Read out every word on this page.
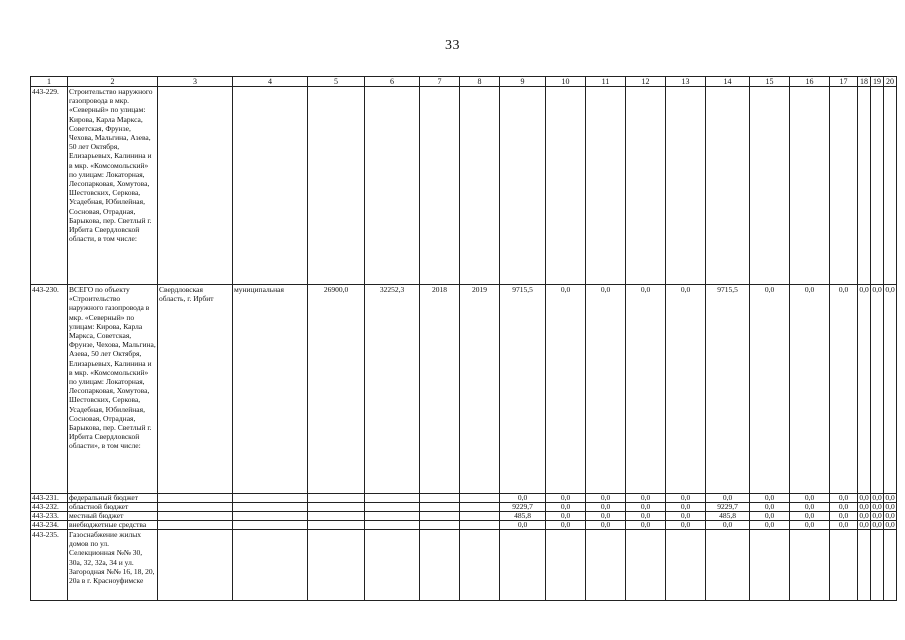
33
1	2	3	4	5	6	7	8	9	10	11	12	13	14	15	16	17	18	19	20
443-229.	Строительство наружного газопровода в мкр. «Северный» по улицам: Кирова, Карла Маркса, Советская, Фрунзе, Чехова, Мальгина, Азева, 50 лет Октября, Елизарьевых, Калинина и в мкр. «Комсомольский» по улицам: Локаторная, Лесопарковая, Хомутова, Шестовских, Серкова, Усадебная, Юбилейная, Сосновая, Отрадная, Барыкова, пер. Светлый г. Ирбита Свердловской области, в том числе:																		
443-230.	ВСЕГО по объекту «Строительство наружного газопровода в мкр. «Северный» по улицам: Кирова, Карла Маркса, Советская, Фрунзе, Чехова, Мальгина, Азева, 50 лет Октября, Елизарьевых, Калинина и в мкр. «Комсомольский» по улицам: Локаторная, Лесопарковая, Хомутова, Шестовских, Серкова, Усадебная, Юбилейная, Сосновая, Отрадная, Барыкова, пер. Светлый г. Ирбита Свердловской области», в том числе:	Свердловская область, г. Ирбит	муниципальная	26900,0	32252,3	2018	2019	9715,5	0,0	0,0	0,0	0,0	9715,5	0,0	0,0	0,0	0,0	0,0	0,0
443-231.	федеральный бюджет							0,0	0,0	0,0	0,0	0,0	0,0	0,0	0,0	0,0	0,0	0,0	0,0
443-232.	областной бюджет							9229,7	0,0	0,0	0,0	0,0	9229,7	0,0	0,0	0,0	0,0	0,0	0,0
443-233.	местный бюджет							485,8	0,0	0,0	0,0	0,0	485,8	0,0	0,0	0,0	0,0	0,0	0,0
443-234.	внебюджетные средства							0,0	0,0	0,0	0,0	0,0	0,0	0,0	0,0	0,0	0,0	0,0	0,0
443-235.	Газоснабжение жилых домов по ул. Селекционная №№ 30, 30а, 32, 32а, 34 и ул. Загородная №№ 16, 18, 20, 20а в г. Красноуфимске																		
